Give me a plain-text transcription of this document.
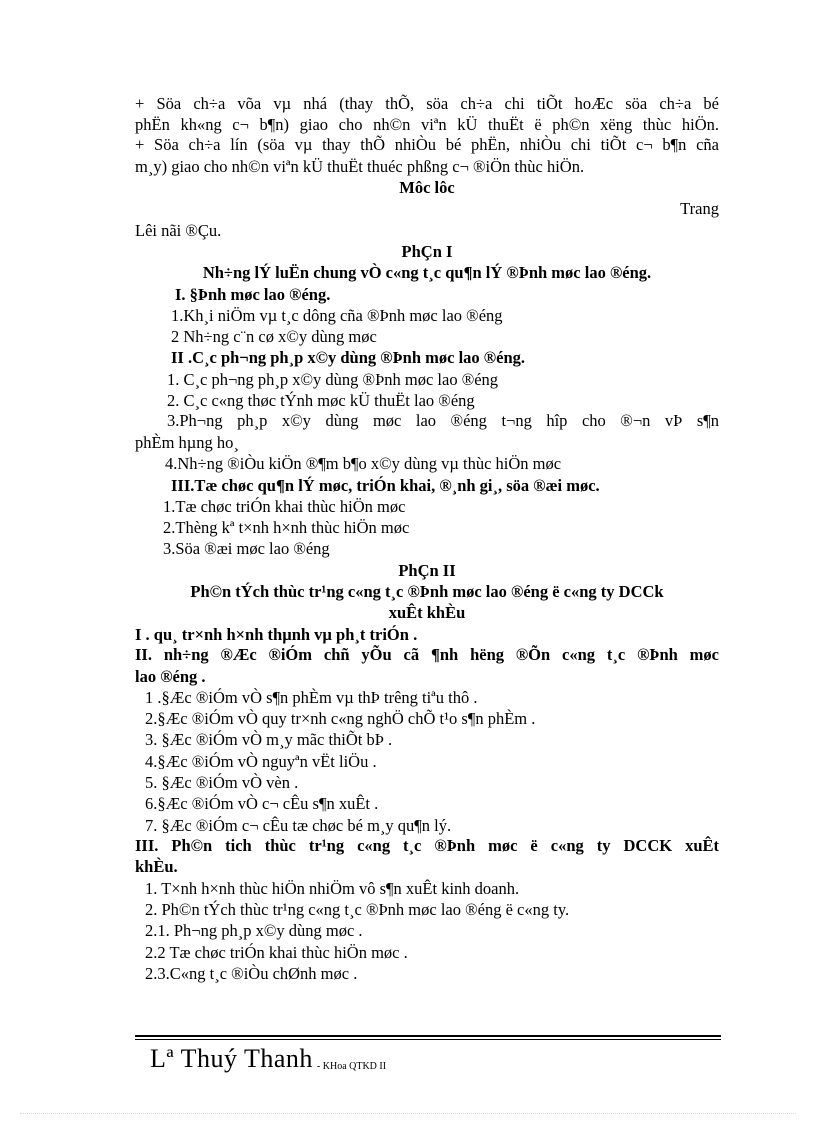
+ Söa ch÷a võa vµ nhá (thay thÕ, söa ch÷a chi tiÕt hoÆc söa ch÷a bé
phËn kh«ng c¬ b¶n) giao cho nh©n viªn kÜ thuËt ë ph©n xëng thùc hiÖn.
+ Söa ch÷a lín (söa vµ thay thÕ nhiÒu bé phËn, nhiÒu chi tiÕt c¬ b¶n cña
m¸y) giao cho nh©n viªn kÜ thuËt thuéc phßng c¬ ®iÖn thùc hiÖn.
Môc lôc
Trang
Lêi nãi ®Çu.
PhÇn I
Nh÷ng lÝ luËn chung vÒ c«ng t¸c qu¶n lÝ ®Þnh møc lao ®éng.
I. §Þnh møc lao ®éng.
1.Kh¸i niÖm vµ t¸c dông cña ®Þnh møc lao ®éng
2 Nh÷ng c¨n cø x©y dùng møc
II .C¸c ph¬ng ph¸p x©y dùng ®Þnh møc lao ®éng.
1. C¸c ph¬ng ph¸p x©y dùng ®Þnh møc lao ®éng
2. C¸c c«ng thøc tÝnh møc kÜ thuËt lao ®éng
3.Ph¬ng ph¸p x©y dùng møc lao ®éng t¬ng hîp cho ®¬n vÞ s¶n
phÈm hµng ho¸
4.Nh÷ng ®iÒu kiÖn ®¶m b¶o x©y dùng vµ thùc hiÖn møc
III.Tæ chøc qu¶n lÝ møc, triÓn khai, ®¸nh gi¸, söa ®æi møc.
1.Tæ chøc triÓn khai thùc hiÖn møc
2.Thèng kª t×nh h×nh thùc hiÖn møc
3.Söa ®æi møc lao ®éng
PhÇn II
Ph©n tÝch thùc tr¹ng c«ng t¸c ®Þnh møc lao ®éng ë c«ng ty DCCk
xuÊt khÈu
I . qu¸ tr×nh h×nh thµnh vµ ph¸t triÓn .
II. nh÷ng ®Æc ®iÓm chñ yÕu cã ¶nh hëng ®Õn c«ng t¸c ®Þnh møc
lao ®éng .
1 .§Æc ®iÓm vÒ s¶n phÈm vµ thÞ trêng tiªu thô .
2.§Æc ®iÓm vÒ quy tr×nh c«ng nghÖ chÕ t¹o s¶n phÈm .
3. §Æc ®iÓm vÒ m¸y mãc thiÕt bÞ .
4.§Æc ®iÓm vÒ nguyªn vËt liÖu .
5. §Æc ®iÓm vÒ vèn .
6.§Æc ®iÓm vÒ c¬ cÊu s¶n xuÊt .
7. §Æc ®iÓm c¬ cÊu tæ chøc bé m¸y qu¶n lý.
III. Ph©n tich thùc tr¹ng c«ng t¸c ®Þnh møc ë c«ng ty DCCK xuÊt
khÈu.
1. T×nh h×nh thùc hiÖn nhiÖm vô s¶n xuÊt kinh doanh.
2. Ph©n tÝch thùc tr¹ng c«ng t¸c ®Þnh møc lao ®éng ë c«ng ty.
2.1. Ph¬ng ph¸p x©y dùng møc .
2.2 Tæ chøc triÓn khai thùc hiÖn møc .
2.3.C«ng t¸c ®iÒu chØnh møc .
Lª Thuý Thanh - KHoa QTKD II
